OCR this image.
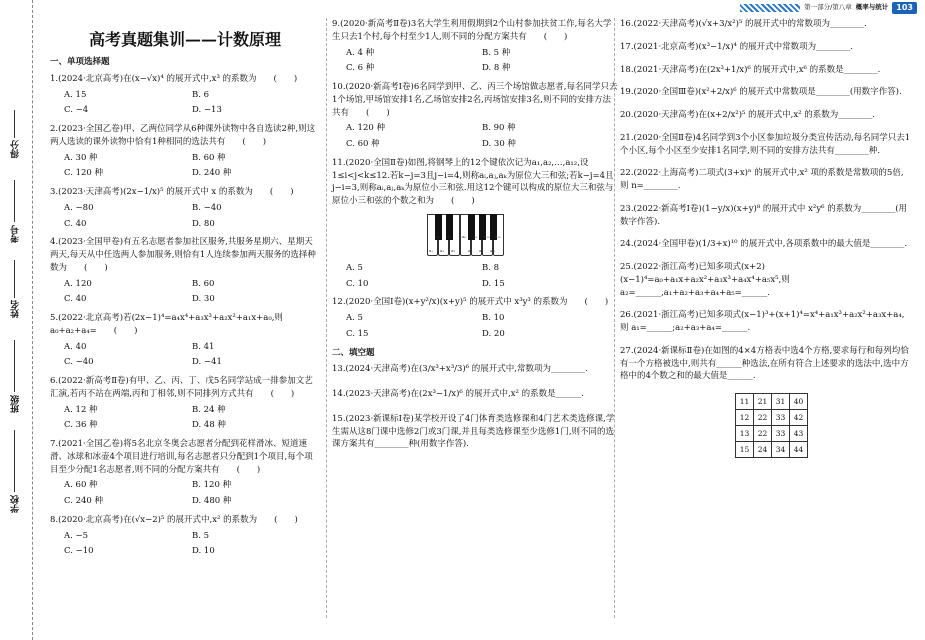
得分
考号
姓名
班级
学校
第一部分/第八章 概率与统计	103
高考真题集训——计数原理
一、单项选择题
1.(2024·北京高考)在(x−√x)⁴ 的展开式中,x³ 的系数为　　(　　)
A. 15	B. 6
C. −4	D. −13
2.(2023·全国乙卷)甲、乙两位同学从6种课外读物中各自选读2种,则这两人选读的课外读物中恰有1种相同的选法共有　　(　　)
A. 30 种	B. 60 种
C. 120 种	D. 240 种
3.(2023·天津高考)(2x−1/x)⁵ 的展开式中 x 的系数为　　(　　)
A. −80	B. −40
C. 40	D. 80
4.(2023·全国甲卷)有五名志愿者参加社区服务,共服务星期六、星期天两天,每天从中任选两人参加服务,则恰有1人连续参加两天服务的选择种数为　　(　　)
A. 120	B. 60
C. 40	D. 30
5.(2022·北京高考)若(2x−1)⁴=a₄x⁴+a₃x³+a₂x²+a₁x+a₀,则 a₀+a₂+a₄=　　(　　)
A. 40	B. 41
C. −40	D. −41
6.(2022·新高考Ⅱ卷)有甲、乙、丙、丁、戊5名同学站成一排参加文艺汇演,若丙不站在两端,丙和丁相邻,则不同排列方式共有　　(　　)
A. 12 种	B. 24 种
C. 36 种	D. 48 种
7.(2021·全国乙卷)将5名北京冬奥会志愿者分配到花样滑冰、短道速滑、冰球和冰壶4个项目进行培训,每名志愿者只分配到1个项目,每个项目至少分配1名志愿者,则不同的分配方案共有　　(　　)
A. 60 种	B. 120 种
C. 240 种	D. 480 种
8.(2020·北京高考)在(√x−2)⁵ 的展开式中,x² 的系数为　　(　　)
A. −5	B. 5
C. −10	D. 10
9.(2020·新高考Ⅱ卷)3名大学生利用假期到2个山村参加扶贫工作,每名大学生只去1个村,每个村至少1人,则不同的分配方案共有　　(　　)
A. 4 种	B. 5 种
C. 6 种	D. 8 种
10.(2020·新高考Ⅰ卷)6名同学到甲、乙、丙三个场馆做志愿者,每名同学只去1个场馆,甲场馆安排1名,乙场馆安排2名,丙场馆安排3名,则不同的安排方法共有　　(　　)
A. 120 种	B. 90 种
C. 60 种	D. 30 种
11.(2020·全国Ⅱ卷)如图,将钢琴上的12个键依次记为a₁,a₂,…,a₁₂,设1≤i<j<k≤12.若k−j=3且j−i=4,则称aᵢ,aⱼ,aₖ为原位大三和弦;若k−j=4且j−i=3,则称aᵢ,aⱼ,aₖ为原位小三和弦.用这12个键可以构成的原位大三和弦与原位小三和弦的个数之和为　　(　　)
a₁
a₂
a₃
a₄
a₅
a₆
a₇
a₈
a₉
a₁₀
a₁₁
a₁₂
A. 5	B. 8
C. 10	D. 15
12.(2020·全国Ⅰ卷)(x+y²/x)(x+y)⁵ 的展开式中 x³y³ 的系数为　　(　　)
A. 5	B. 10
C. 15	D. 20
二、填空题
13.(2024·天津高考)在(3/x³+x³/3)⁶ 的展开式中,常数项为________.
14.(2023·天津高考)在(2x³−1/x)⁶ 的展开式中,x² 的系数是______.
15.(2023·新课标Ⅰ卷)某学校开设了4门体育类选修课和4门艺术类选修课,学生需从这8门课中选修2门或3门课,并且每类选修课至少选修1门,则不同的选课方案共有________种(用数字作答).
16.(2022·天津高考)(√x+3/x²)⁵ 的展开式中的常数项为________.
17.(2021·北京高考)(x³−1/x)⁴ 的展开式中常数项为________.
18.(2021·天津高考)在(2x³+1/x)⁶ 的展开式中,x⁶ 的系数是________.
19.(2020·全国Ⅲ卷)(x²+2/x)⁶ 的展开式中常数项是________(用数字作答).
20.(2020·天津高考)在(x+2/x²)⁵ 的展开式中,x² 的系数为________.
21.(2020·全国Ⅱ卷)4名同学到3个小区参加垃圾分类宣传活动,每名同学只去1个小区,每个小区至少安排1名同学,则不同的安排方法共有________种.
22.(2022·上海高考)二项式(3+x)ⁿ 的展开式中,x² 项的系数是常数项的5倍,则 n=________.
23.(2022·新高考Ⅰ卷)(1−y/x)(x+y)⁸ 的展开式中 x²y⁶ 的系数为________(用数字作答).
24.(2024·全国甲卷)(1/3+x)¹⁰ 的展开式中,各项系数中的最大值是________.
25.(2022·浙江高考)已知多项式(x+2)(x−1)⁴=a₀+a₁x+a₂x²+a₃x³+a₄x⁴+a₅x⁵,则 a₂=______,a₁+a₂+a₃+a₄+a₅=______.
26.(2021·浙江高考)已知多项式(x−1)³+(x+1)⁴=x⁴+a₁x³+a₂x²+a₃x+a₄,则 a₁=______;a₂+a₃+a₄=______.
27.(2024·新课标Ⅱ卷)在如图的4×4方格表中选4个方格,要求每行和每列均恰有一个方格被选中,则共有______种选法,在所有符合上述要求的选法中,选中方格中的4个数之和的最大值是______.
11	21	31	40
12	22	33	42
13	22	33	43
15	24	34	44
